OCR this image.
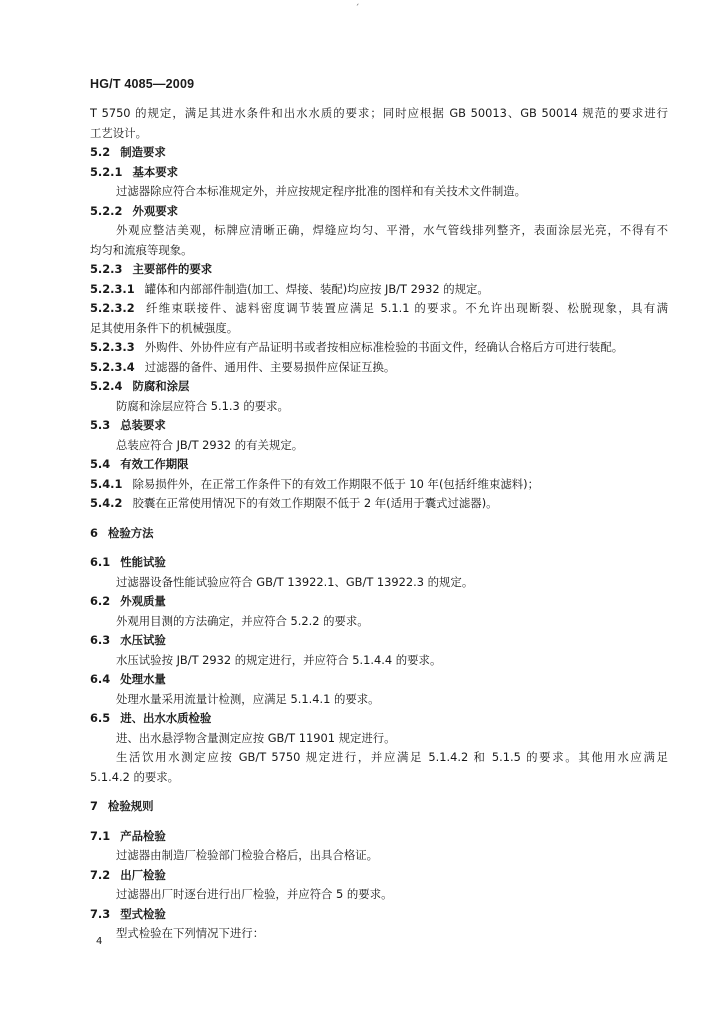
ˊ
HG/T 4085—2009
T 5750 的规定，满足其进水条件和出水水质的要求；同时应根据 GB 50013、GB 50014 规范的要求进行
工艺设计。
5.2 制造要求
5.2.1 基本要求
过滤器除应符合本标准规定外，并应按规定程序批准的图样和有关技术文件制造。
5.2.2 外观要求
外观应整洁美观，标牌应清晰正确，焊缝应均匀、平滑，水气管线排列整齐，表面涂层光亮，不得有不
均匀和流痕等现象。
5.2.3 主要部件的要求
5.2.3.1 罐体和内部部件制造(加工、焊接、装配)均应按 JB/T 2932 的规定。
5.2.3.2 纤维束联接件、滤料密度调节装置应满足 5.1.1 的要求。不允许出现断裂、松脱现象，具有满
足其使用条件下的机械强度。
5.2.3.3 外购件、外协件应有产品证明书或者按相应标准检验的书面文件，经确认合格后方可进行装配。
5.2.3.4 过滤器的备件、通用件、主要易损件应保证互换。
5.2.4 防腐和涂层
防腐和涂层应符合 5.1.3 的要求。
5.3 总装要求
总装应符合 JB/T 2932 的有关规定。
5.4 有效工作期限
5.4.1 除易损件外，在正常工作条件下的有效工作期限不低于 10 年(包括纤维束滤料)；
5.4.2 胶囊在正常使用情况下的有效工作期限不低于 2 年(适用于囊式过滤器)。
6 检验方法
6.1 性能试验
过滤器设备性能试验应符合 GB/T 13922.1、GB/T 13922.3 的规定。
6.2 外观质量
外观用目测的方法确定，并应符合 5.2.2 的要求。
6.3 水压试验
水压试验按 JB/T 2932 的规定进行，并应符合 5.1.4.4 的要求。
6.4 处理水量
处理水量采用流量计检测，应满足 5.1.4.1 的要求。
6.5 进、出水水质检验
进、出水悬浮物含量测定应按 GB/T 11901 规定进行。
生活饮用水测定应按 GB/T 5750 规定进行，并应满足 5.1.4.2 和 5.1.5 的要求。其他用水应满足
5.1.4.2 的要求。
7 检验规则
7.1 产品检验
过滤器由制造厂检验部门检验合格后，出具合格证。
7.2 出厂检验
过滤器出厂时逐台进行出厂检验，并应符合 5 的要求。
7.3 型式检验
型式检验在下列情况下进行：
4
